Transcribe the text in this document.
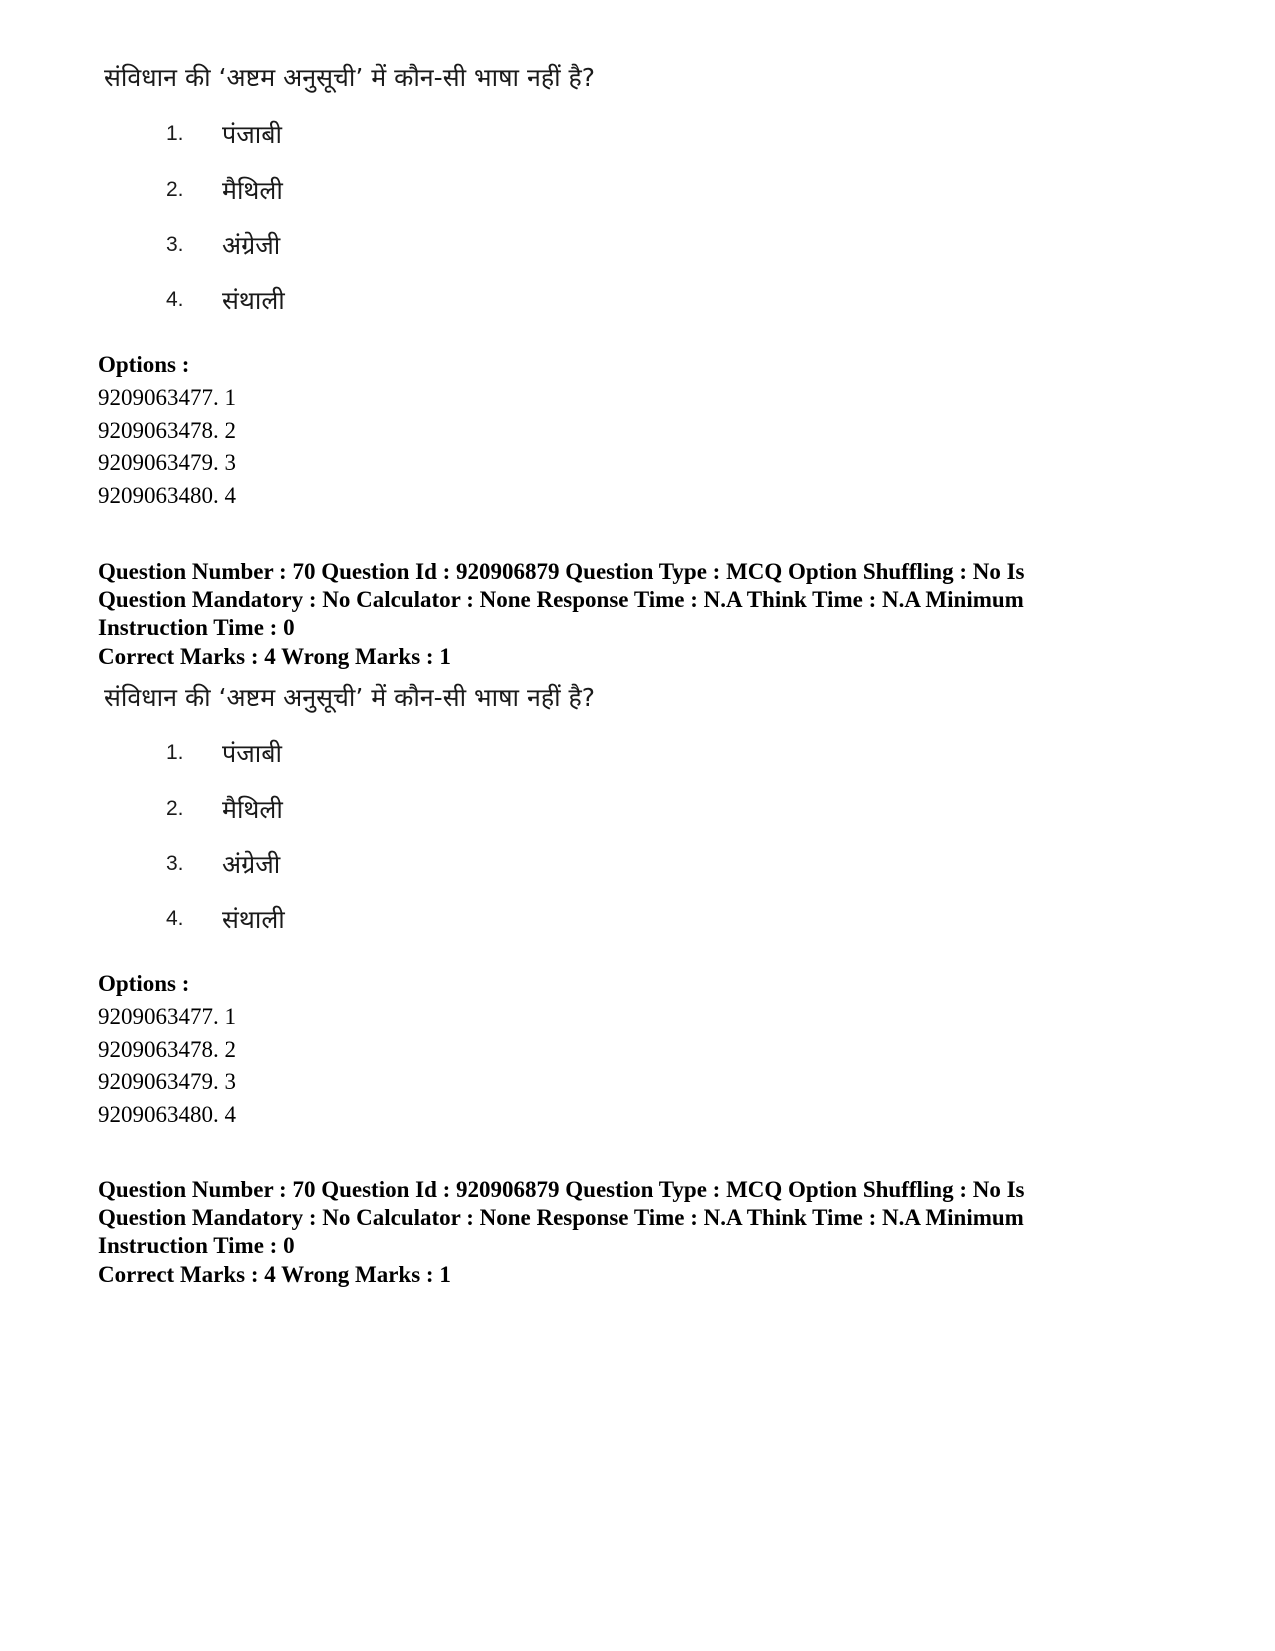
संविधान की ‘अष्टम अनुसूची’ में कौन-सी भाषा नहीं है?
1.	पंजाबी
2.	मैथिली
3.	अंग्रेजी
4.	संथाली
Options :
9209063477. 1
9209063478. 2
9209063479. 3
9209063480. 4
Question Number : 70 Question Id : 920906879 Question Type : MCQ Option Shuffling : No Is Question Mandatory : No Calculator : None Response Time : N.A Think Time : N.A Minimum Instruction Time : 0
Correct Marks : 4 Wrong Marks : 1
संविधान की ‘अष्टम अनुसूची’ में कौन-सी भाषा नहीं है?
1.	पंजाबी
2.	मैथिली
3.	अंग्रेजी
4.	संथाली
Options :
9209063477. 1
9209063478. 2
9209063479. 3
9209063480. 4
Question Number : 70 Question Id : 920906879 Question Type : MCQ Option Shuffling : No Is Question Mandatory : No Calculator : None Response Time : N.A Think Time : N.A Minimum Instruction Time : 0
Correct Marks : 4 Wrong Marks : 1
